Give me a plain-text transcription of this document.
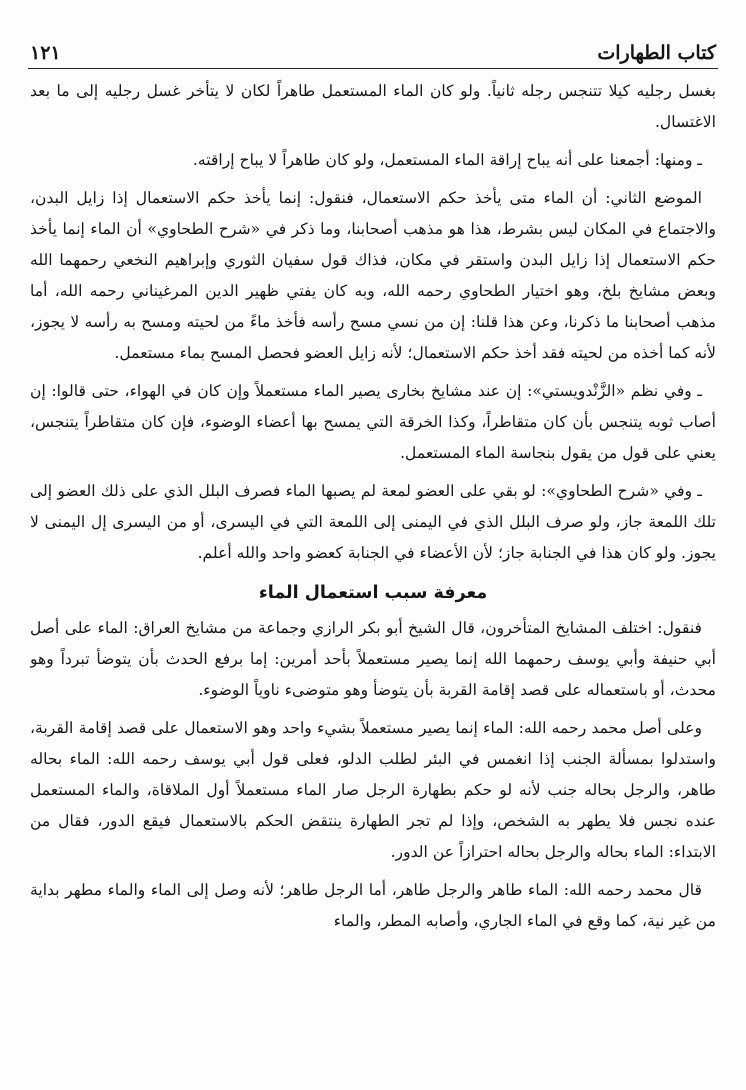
كتاب الطهارات
١٢١

بغسل رجليه كيلا تتنجس رجله ثانياً. ولو كان الماء المستعمل طاهراً لكان لا يتأخر غسل رجليه إلى ما بعد الاغتسال.

ـ ومنها: أجمعنا على أنه يباح إراقة الماء المستعمل، ولو كان طاهراً لا يباح إراقته.

الموضع الثاني: أن الماء متى يأخذ حكم الاستعمال، فنقول: إنما يأخذ حكم الاستعمال إذا زايل البدن، والاجتماع في المكان ليس بشرط، هذا هو مذهب أصحابنا، وما ذكر في «شرح الطحاوي» أن الماء إنما يأخذ حكم الاستعمال إذا زايل البدن واستقر في مكان، فذاك قول سفيان الثوري وإبراهيم النخعي رحمهما الله وبعض مشايخ بلخ، وهو اختيار الطحاوي رحمه الله، وبه كان يفتي ظهير الدين المرغيناني رحمه الله، أما مذهب أصحابنا ما ذكرنا، وعن هذا قلنا: إن من نسي مسح رأسه فأخذ ماءً من لحيته ومسح به رأسه لا يجوز، لأنه كما أخذه من لحيته فقد أخذ حكم الاستعمال؛ لأنه زايل العضو فحصل المسح بماء مستعمل.

ـ وفي نظم «الزَّنْدويستي»: إن عند مشايخ بخارى يصير الماء مستعملاً وإن كان في الهواء، حتى قالوا: إن أصاب ثوبه يتنجس بأن كان متقاطراً، وكذا الخرقة التي يمسح بها أعضاء الوضوء، فإن كان متقاطراً يتنجس، يعني على قول من يقول بنجاسة الماء المستعمل.

ـ وفي «شرح الطحاوي»: لو بقي على العضو لمعة لم يصبها الماء فصرف البلل الذي على ذلك العضو إلى تلك اللمعة جاز، ولو صرف البلل الذي في اليمنى إلى اللمعة التي في اليسرى، أو من اليسرى إل اليمنى لا يجوز. ولو كان هذا في الجنابة جاز؛ لأن الأعضاء في الجنابة كعضو واحد والله أعلم.

معرفة سبب استعمال الماء

فنقول: اختلف المشايخ المتأخرون، قال الشيخ أبو بكر الرازي وجماعة من مشايخ العراق: الماء على أصل أبي حنيفة وأبي يوسف رحمهما الله إنما يصير مستعملاً بأحد أمرين: إما برفع الحدث بأن يتوضأ تبرداً وهو محدث، أو باستعماله على قصد إقامة القربة بأن يتوضأ وهو متوضىء ناوياً الوضوء.

وعلى أصل محمد رحمه الله: الماء إنما يصير مستعملاً بشيء واحد وهو الاستعمال على قصد إقامة القربة، واستدلوا بمسألة الجنب إذا انغمس في البئر لطلب الدلو، فعلى قول أبي يوسف رحمه الله: الماء بحاله طاهر، والرجل بحاله جنب لأنه لو حكم بطهارة الرجل صار الماء مستعملاً أول الملاقاة، والماء المستعمل عنده نجس فلا يطهر به الشخص، وإذا لم تجر الطهارة ينتقض الحكم بالاستعمال فيقع الدور، فقال من الابتداء: الماء بحاله والرجل بحاله احترازاً عن الدور.

قال محمد رحمه الله: الماء طاهر والرجل طاهر، أما الرجل طاهر؛ لأنه وصل إلى الماء والماء مطهر بداية من غير نية، كما وقع في الماء الجاري، وأصابه المطر، والماء
